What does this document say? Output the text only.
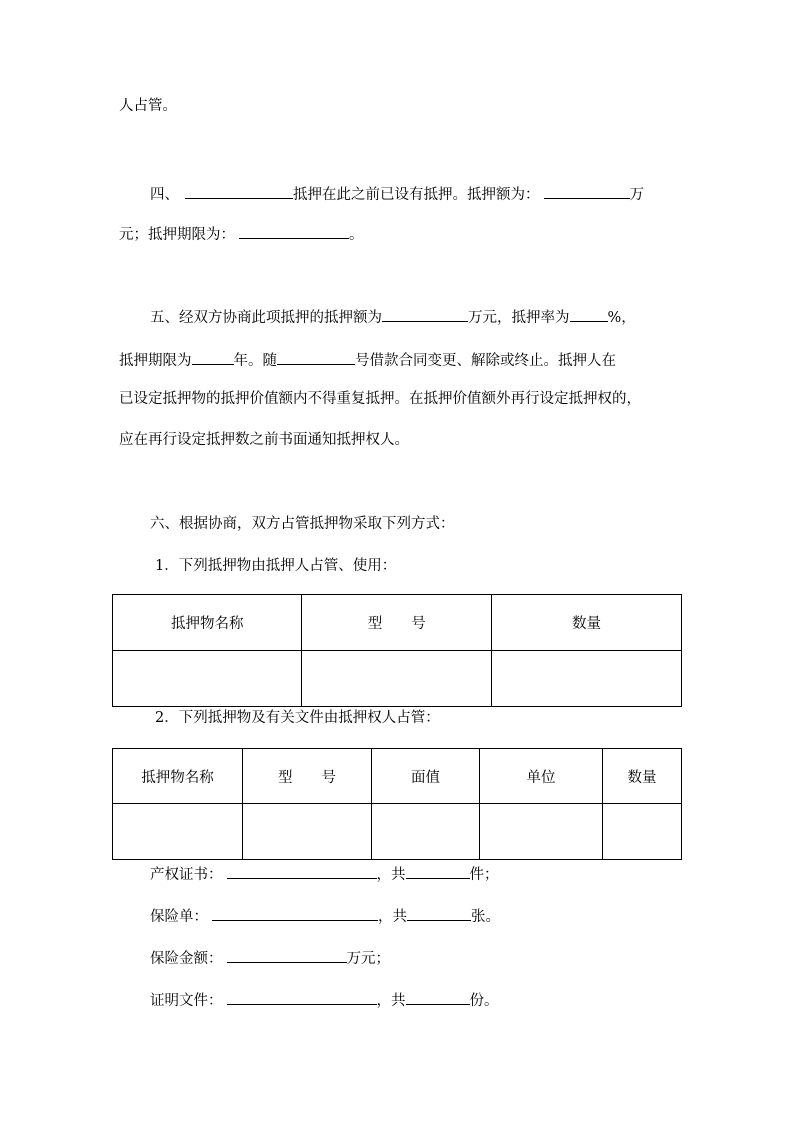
人占管。
四、	抵押在此之前已设有抵押。抵押额为：	万
元；抵押期限为：	。
五、经双方协商此项抵押的抵押额为	万元，抵押率为	%，
抵押期限为	年。随	号借款合同变更、解除或终止。抵押人在
已设定抵押物的抵押价值额内不得重复抵押。在抵押价值额外再行设定抵押权的，
应在再行设定抵押数之前书面通知抵押权人。
六、根据协商，双方占管抵押物采取下列方式：
1．下列抵押物由抵押人占管、使用：
抵押物名称	型　　号	数量

2．下列抵押物及有关文件由抵押权人占管：
抵押物名称	型　　号	面值	单位	数量

产权证书：	，共	件；
保险单：	，共	张。
保险金额：	万元；
证明文件：	，共	份。
